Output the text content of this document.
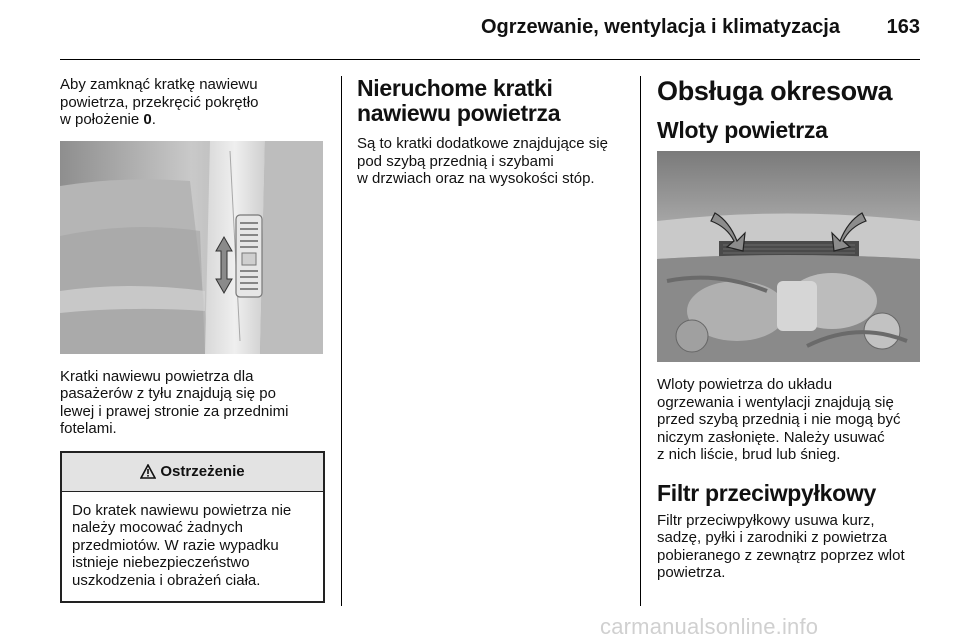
Ogrzewanie, wentylacja i klimatyzacja 163

Aby zamknąć kratkę nawiewu
powietrza, przekręcić pokrętło
w położenie 0.

Kratki nawiewu powietrza dla
pasażerów z tyłu znajdują się po
lewej i prawej stronie za przednimi
fotelami.

Ostrzeżenie

Do kratek nawiewu powietrza nie
należy mocować żadnych
przedmiotów. W razie wypadku
istnieje niebezpieczeństwo
uszkodzenia i obrażeń ciała.

Nieruchome kratki
nawiewu powietrza

Są to kratki dodatkowe znajdujące się
pod szybą przednią i szybami
w drzwiach oraz na wysokości stóp.

Obsługa okresowa
Wloty powietrza

Wloty powietrza do układu
ogrzewania i wentylacji znajdują się
przed szybą przednią i nie mogą być
niczym zasłonięte. Należy usuwać
z nich liście, brud lub śnieg.

Filtr przeciwpyłkowy

Filtr przeciwpyłkowy usuwa kurz,
sadzę, pyłki i zarodniki z powietrza
pobieranego z zewnątrz poprzez wlot
powietrza.

carmanualsonline.info
